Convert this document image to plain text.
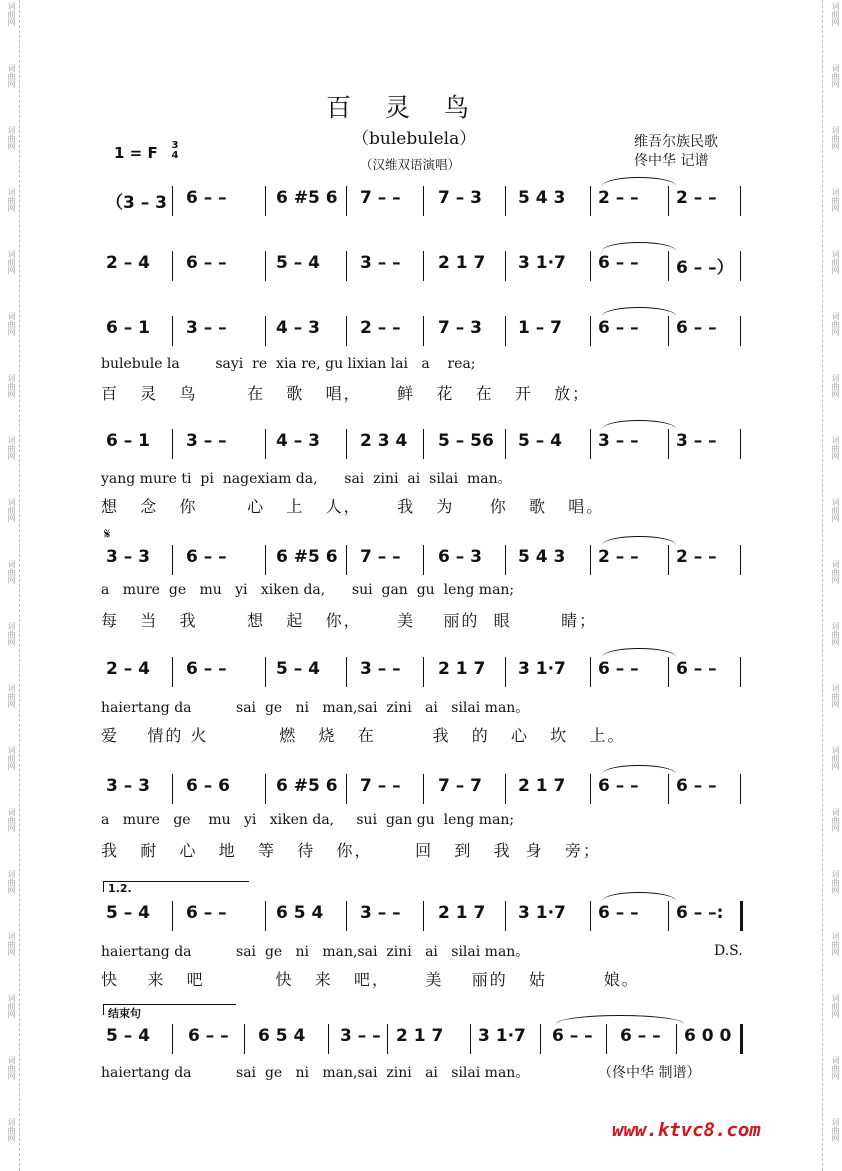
词曲网	词曲网
词曲网	词曲网
词曲网	词曲网
词曲网	词曲网
词曲网	词曲网
词曲网	词曲网
词曲网	词曲网
词曲网	词曲网
词曲网	词曲网
词曲网	词曲网
词曲网	词曲网
词曲网	词曲网
词曲网	词曲网
词曲网	词曲网
词曲网	词曲网
词曲网	词曲网
词曲网	词曲网
词曲网	词曲网
词曲网	词曲网
百灵鸟
（bulebulela）
（汉维双语演唱）
维吾尔族民歌
佟中华 记谱
1 = F 3
4
（3 – 3 6 – –	6 #5 6 7 – – 7 – 3 5 4 3 2 – – 2 – –
2 – 4 6 – –	5 – 4 3 – – 2 1 7 3 1·7 6 – – 6 – –）
6 – 1 3 – –	4 – 3 2 – – 7 – 3 1 – 7 6 – – 6 – –
bulebule la        sayi  re  xia re, gu lixian lai   a    rea;
百   灵   鸟       在   歌   唱，     鲜   花   在   开   放；
6 – 1 3 – –	4 – 3 2 3 4 5 – 56 5 – 4 3 – – 3 – –
yang mure ti  pi  nagexiam da,      sai  zini  ai  silai  man。
想   念   你       心   上   人，     我   为     你   歌   唱。
3 – 3 6 – –	6 #5 6 7 – – 6 – 3 5 4 3 2 – – 2 – –
a   mure  ge   mu   yi   xiken da,      sui  gan  gu  leng man;
每   当   我       想   起   你，     美    丽的  眼       睛；
𝄋
2 – 4 6 – –	5 – 4 3 – – 2 1 7 3 1·7 6 – – 6 – –
haiertang da          sai  ge   ni   man,sai  zini   ai   silai man。
爱    情的 火          燃   烧   在        我   的   心   坎   上。
3 – 3 6 – 6	6 #5 6 7 – – 7 – 7 2 1 7 6 – – 6 – –
a   mure   ge    mu   yi   xiken da,     sui  gan gu  leng man;
我   耐   心   地   等   待   你，      回   到   我  身   旁；
5 – 4 6 – –	6 5 4 3 – – 2 1 7 3 1·7 6 – – 6 – –:
haiertang da          sai  ge   ni   man,sai  zini   ai   silai man。
快    来   吧          快   来   吧，     美    丽的   姑        娘。
1.2.
D.S.
5 – 4 6 – – 6 5 4 3 – – 2 1 7 3 1·7 6 – – 6 – – 6 0 0
haiertang da          sai  ge   ni   man,sai  zini   ai   silai man。
结束句
（佟中华 制谱）
www.ktvc8.com
